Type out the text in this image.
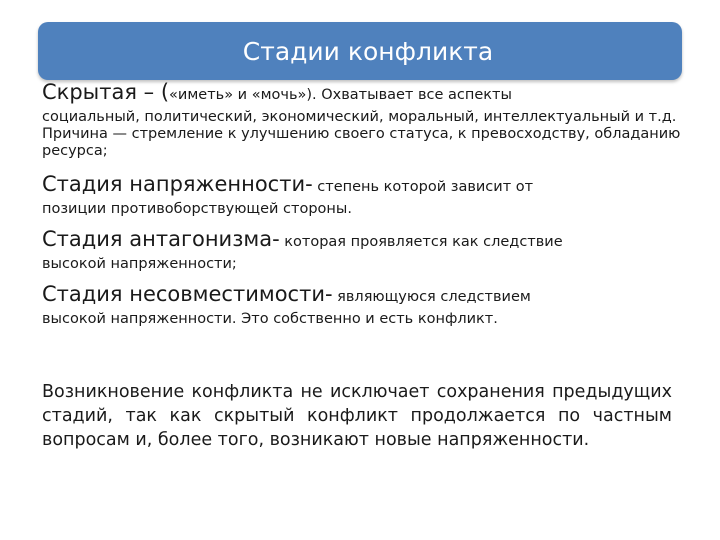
Стадии конфликта
Скрытая – («иметь» и «мочь»). Охватывает все аспекты
социальный, политический, экономический, моральный, интеллектуальный и т.д. Причина — стремление к улучшению своего статуса, к превосходству, обладанию ресурса;
Стадия напряженности- степень которой зависит от
позиции противоборствующей стороны.
Стадия антагонизма- которая проявляется как следствие
высокой напряженности;
Стадия несовместимости- являющуюся следствием
высокой напряженности. Это собственно и есть конфликт.
Возникновение конфликта не исключает сохранения предыдущих стадий, так как скрытый конфликт продолжается по частным вопросам и, более того, возникают новые напряженности.
